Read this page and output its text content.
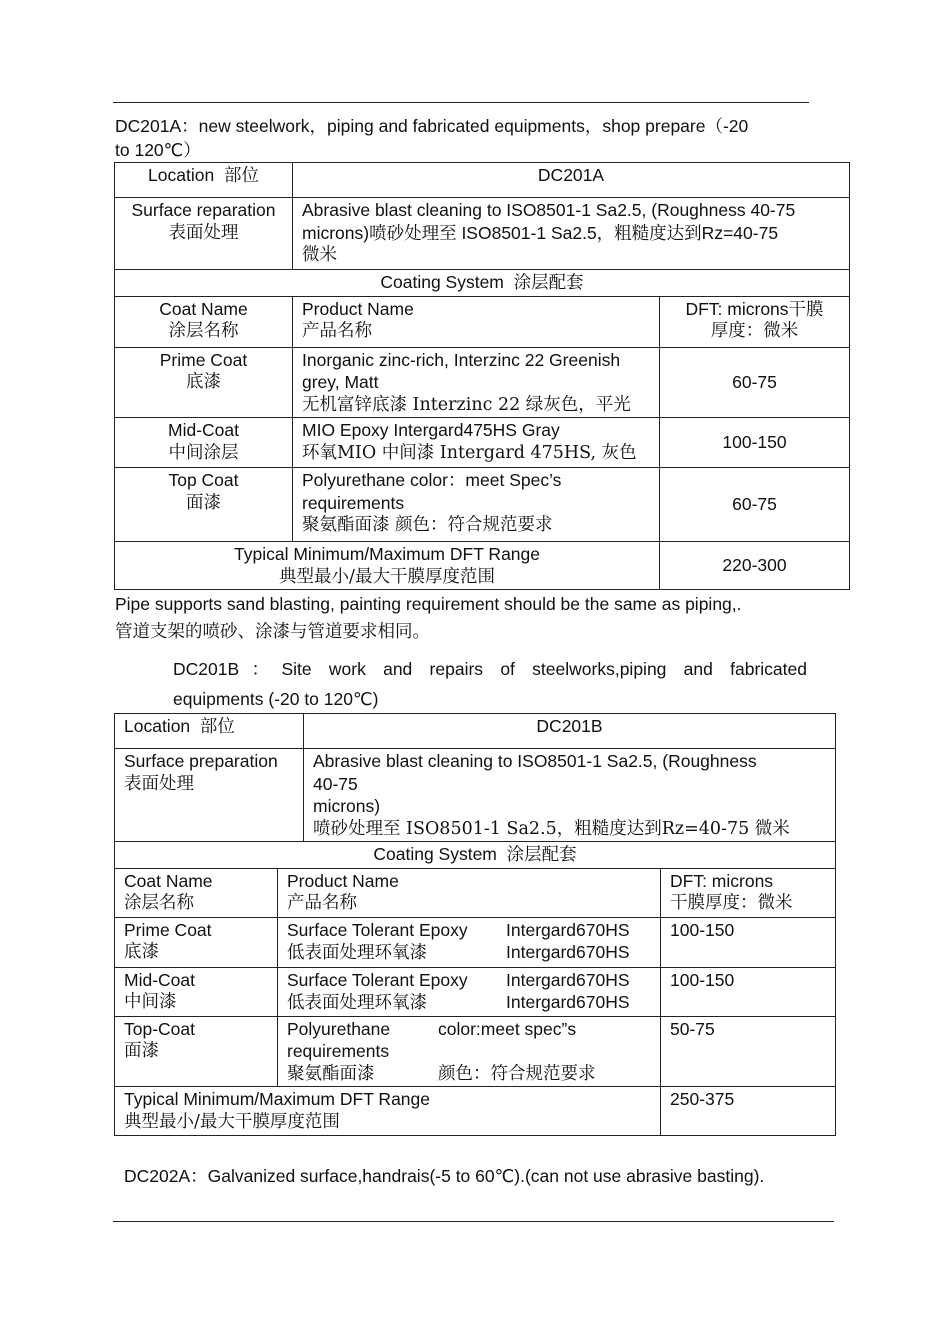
DC201A：new steelwork，piping and fabricated equipments，shop prepare（-20
to 120℃）
Location 部位	DC201A	

Surface reparation
表面处理	Abrasive blast cleaning to ISO8501-1 Sa2.5, (Roughness 40-75
microns)喷砂处理至 ISO8501-1 Sa2.5，粗糙度达到Rz=40-75
微米	

Coating System 涂层配套		

Coat Name
涂层名称	Product Name
产品名称	DFT: microns干膜
厚度：微米

Prime Coat
底漆	Inorganic zinc-rich, Interzinc 22 Greenish
grey, Matt
无机富锌底漆 Interzinc 22 绿灰色，平光	60-75

Mid-Coat
中间涂层	MIO Epoxy Intergard475HS Gray
环氧MIO 中间漆 Intergard 475HS, 灰色	100-150

Top Coat
面漆	Polyurethane color：meet Spec’s
requirements
聚氨酯面漆 颜色：符合规范要求	60-75

Typical Minimum/Maximum DFT Range
典型最小/最大干膜厚度范围		220-300
Pipe supports sand blasting, painting requirement should be the same as piping,.
管道支架的喷砂、涂漆与管道要求相同。
DC201B：Site work and repairs of steelworks,piping and fabricated
equipments (-20 to 120℃)
Location 部位		DC201B	

Surface preparation
表面处理		Abrasive blast cleaning to ISO8501-1 Sa2.5, (Roughness
40-75
microns)
喷砂处理至 ISO8501-1 Sa2.5，粗糙度达到Rz=40-75 微米	

Coating System 涂层配套			

Coat Name
涂层名称	Product Name
产品名称		DFT: microns
干膜厚度：微米

Prime Coat
底漆	Surface Tolerant Epoxy Intergard670HS
低表面处理环氧漆 Intergard670HS		100-150

Mid-Coat
中间漆	Surface Tolerant Epoxy Intergard670HS
低表面处理环氧漆 Intergard670HS		100-150

Top-Coat
面漆	Polyurethane color:meet spec”s
requirements
聚氨酯面漆 颜色：符合规范要求		50-75

Typical Minimum/Maximum DFT Range
典型最小/最大干膜厚度范围			250-375
DC202A：Galvanized surface,handrais(-5 to 60℃).(can not use abrasive basting).
